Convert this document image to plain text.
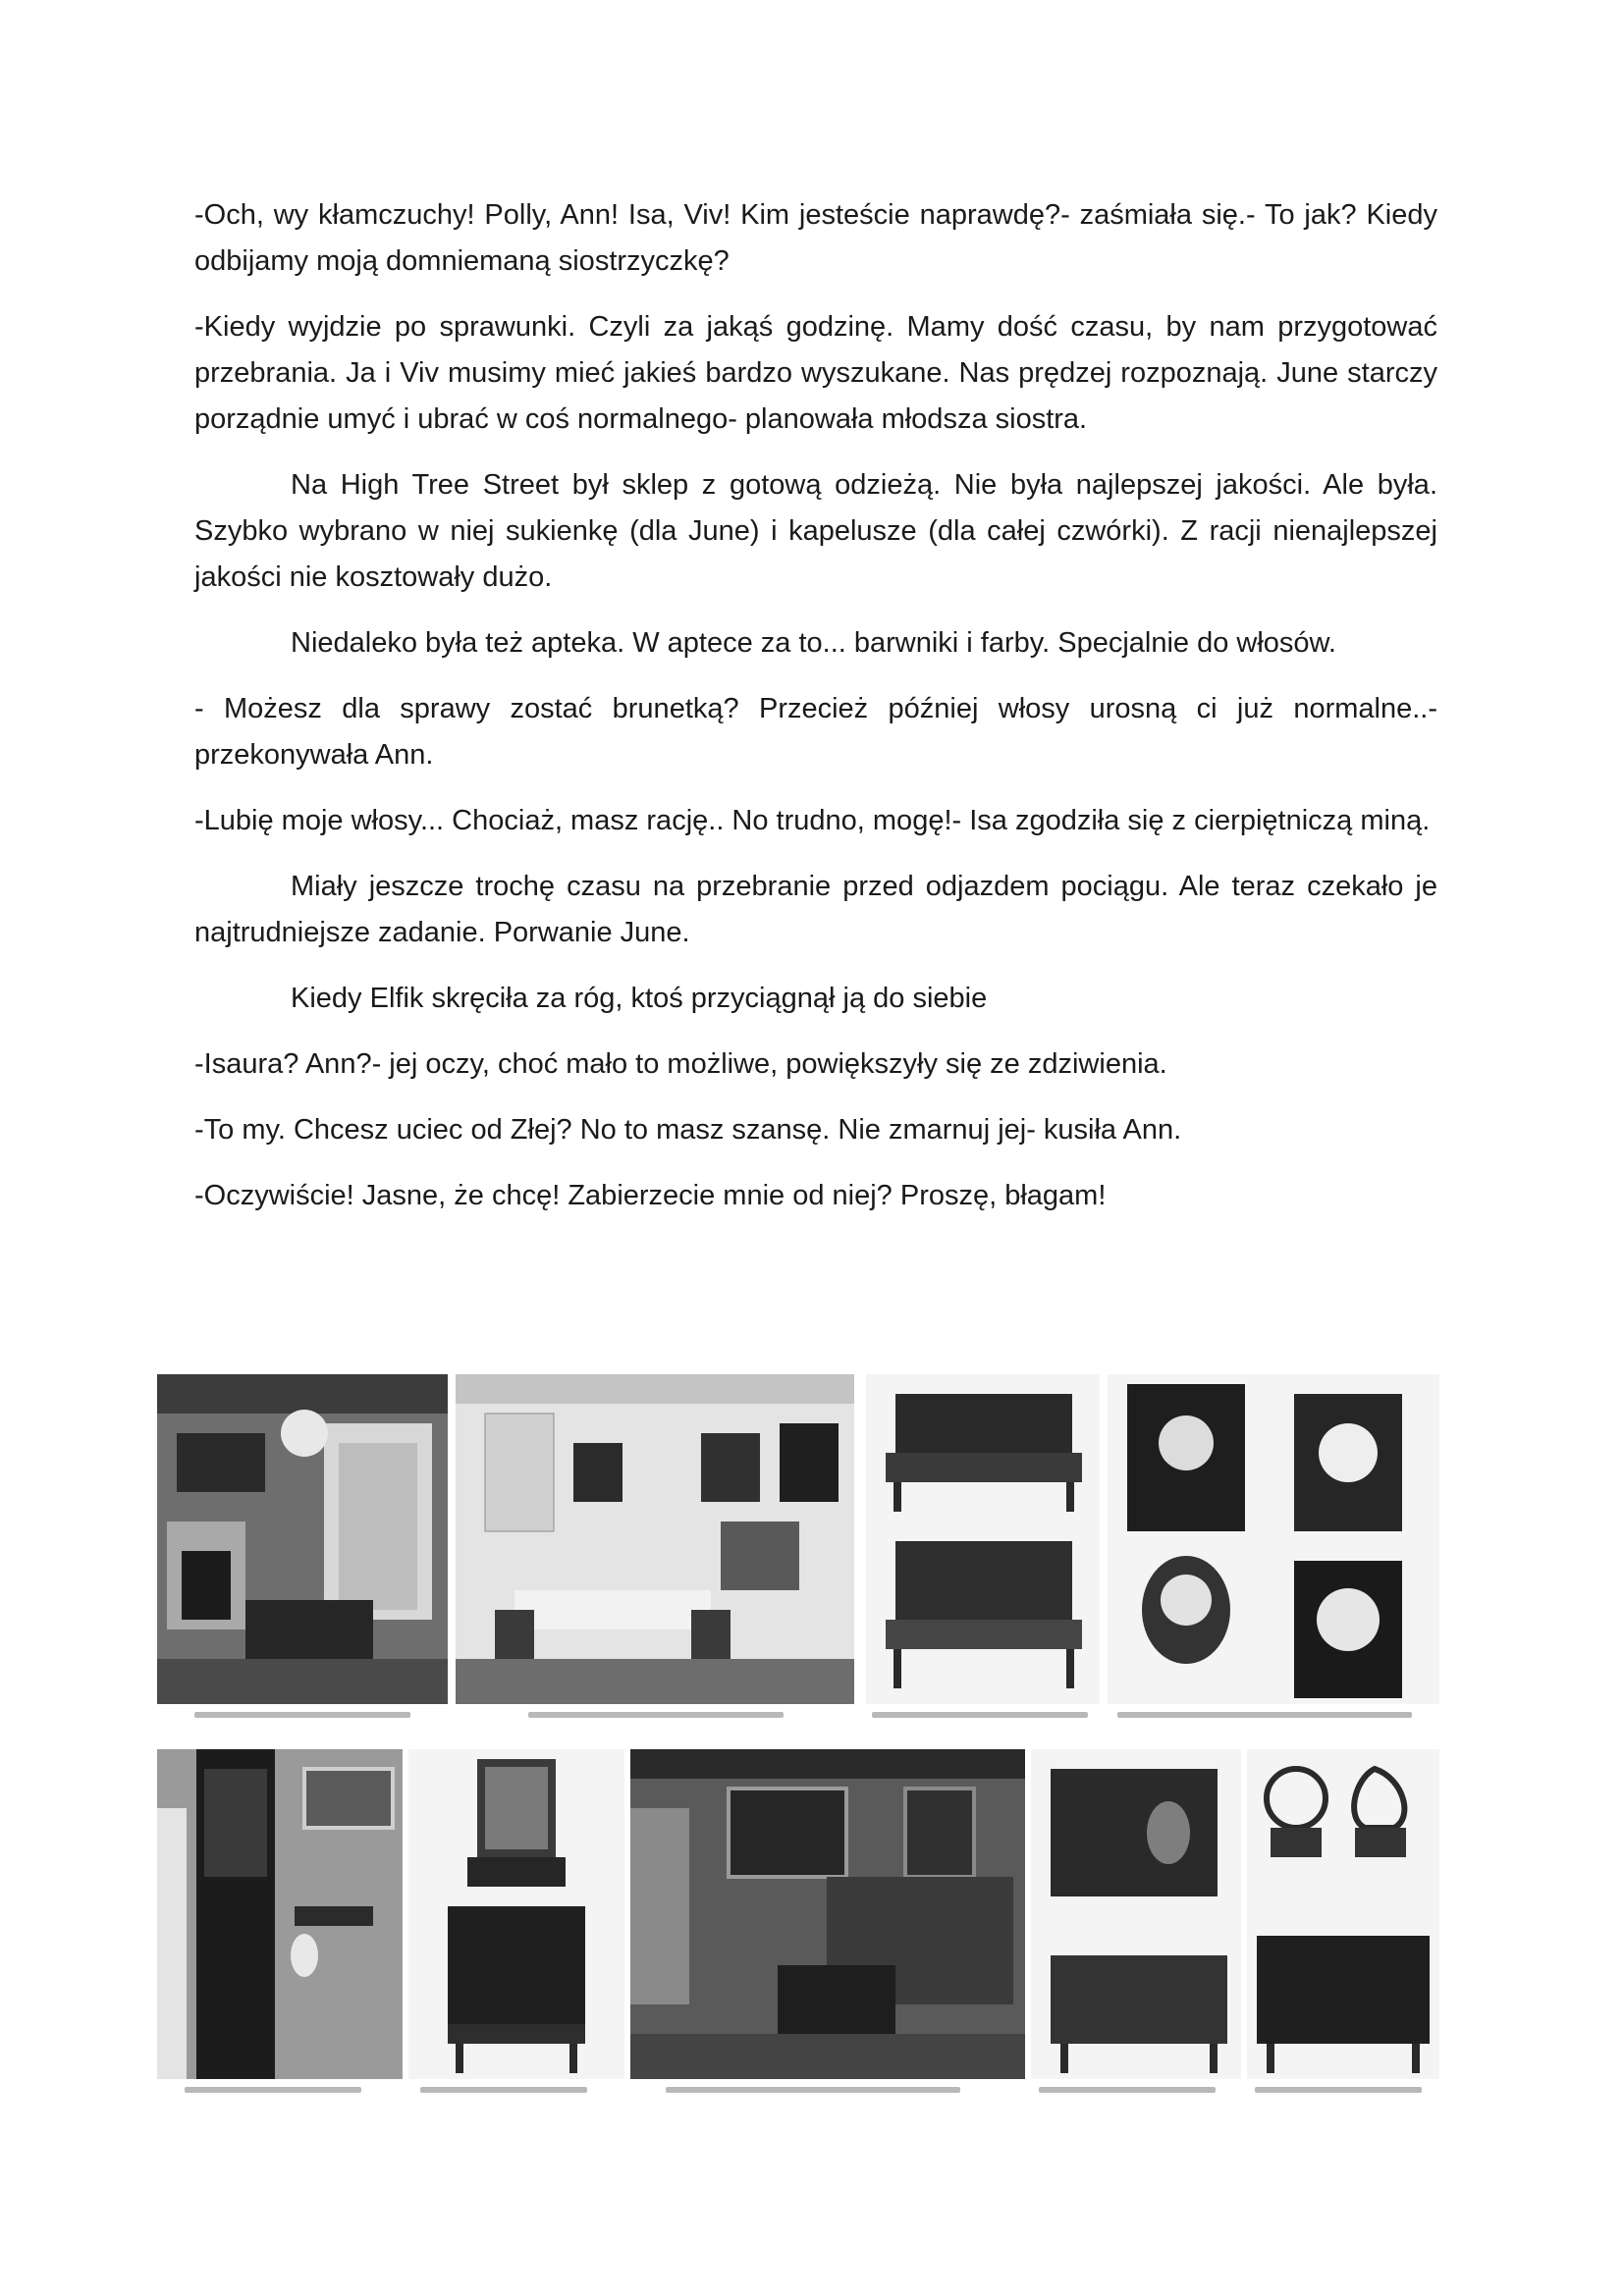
-Och, wy kłamczuchy! Polly, Ann! Isa, Viv! Kim jesteście naprawdę?- zaśmiała się.- To jak? Kiedy odbijamy moją domniemaną siostrzyczkę?

-Kiedy wyjdzie po sprawunki. Czyli za jakąś godzinę. Mamy dość czasu, by nam przygotować przebrania. Ja i Viv musimy mieć jakieś bardzo wyszukane. Nas prędzej rozpoznają. June starczy porządnie umyć i ubrać w coś normalnego- planowała młodsza siostra.

Na High Tree Street był sklep z gotową odzieżą. Nie była najlepszej jakości. Ale była. Szybko wybrano w niej sukienkę (dla June) i kapelusze (dla całej czwórki). Z racji nienajlepszej jakości nie kosztowały dużo.

Niedaleko była też apteka. W aptece za to... barwniki i farby. Specjalnie do włosów.

- Możesz dla sprawy zostać brunetką? Przecież później włosy urosną ci już normalne..- przekonywała Ann.

-Lubię moje włosy... Chociaż, masz rację.. No trudno, mogę!- Isa zgodziła się z cierpiętniczą miną.

Miały jeszcze trochę czasu na przebranie przed odjazdem pociągu. Ale teraz czekało je najtrudniejsze zadanie. Porwanie June.

Kiedy Elfik skręciła za róg, ktoś przyciągnął ją do siebie

-Isaura? Ann?- jej oczy, choć mało to możliwe, powiększyły się ze zdziwienia.

-To my. Chcesz uciec od Złej? No to masz szansę. Nie zmarnuj jej- kusiła Ann.

-Oczywiście! Jasne, że chcę! Zabierzecie mnie od niej? Proszę, błagam!
